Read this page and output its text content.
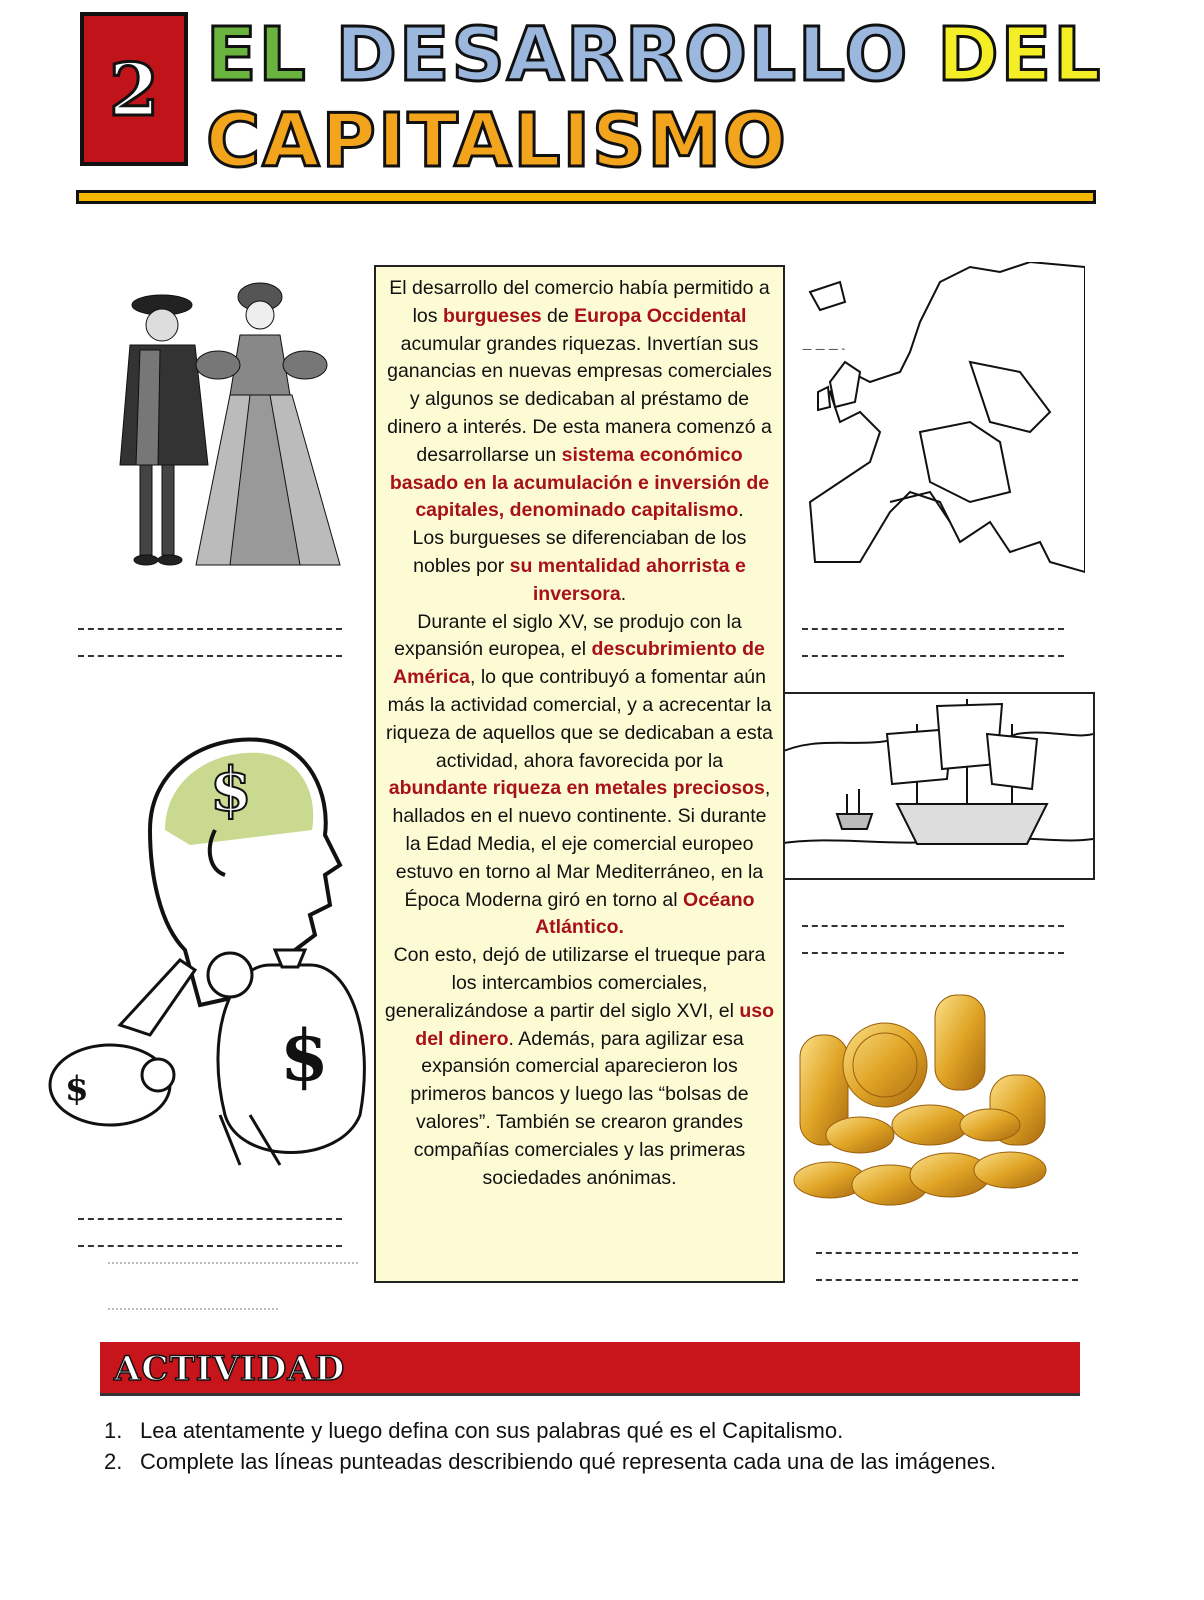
2 EL DESARROLLO DEL
CAPITALISMO
— — — -
$
$	$

El desarrollo del comercio había permitido a los burgueses de Europa Occidental acumular grandes riquezas. Invertían sus ganancias en nuevas empresas comerciales y algunos se dedicaban al préstamo de dinero a interés. De esta manera comenzó a desarrollarse un sistema económico basado en la acumulación e inversión de capitales, denominado capitalismo.
Los burgueses se diferenciaban de los nobles por su mentalidad ahorrista e inversora.
Durante el siglo XV, se produjo con la expansión europea, el descubrimiento de América, lo que contribuyó a fomentar aún más la actividad comercial, y a acrecentar la riqueza de aquellos que se dedicaban a esta actividad, ahora favorecida por la abundante riqueza en metales preciosos, hallados en el nuevo continente. Si durante la Edad Media, el eje comercial europeo estuvo en torno al Mar Mediterráneo, en la Época Moderna giró en torno al Océano Atlántico.
Con esto, dejó de utilizarse el trueque para los intercambios comerciales, generalizándose a partir del siglo XVI, el uso del dinero. Además, para agilizar esa expansión comercial aparecieron los primeros bancos y luego las “bolsas de valores”. También se crearon grandes compañías comerciales y las primeras sociedades anónimas.

ACTIVIDAD
1. Lea atentamente y luego defina con sus palabras qué es el Capitalismo.
2. Complete las líneas punteadas describiendo qué representa cada una de las imágenes.
